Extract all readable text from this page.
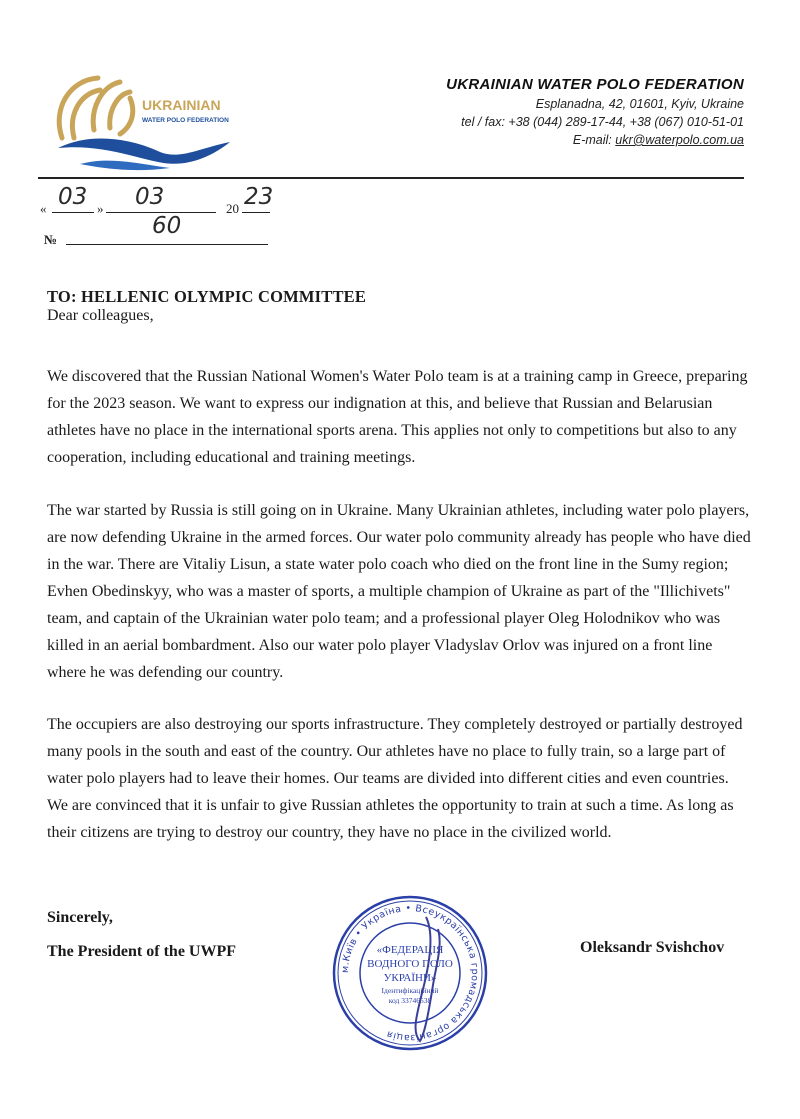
UKRAINIAN
WATER POLO FEDERATION
UKRAINIAN WATER POLO FEDERATION
Esplanadna, 42, 01601, Kyiv, Ukraine
tel / fax: +38 (044) 289-17-44, +38 (067) 010-51-01
E-mail: ukr@waterpolo.com.ua
« 03 » 03	20 23
№
60
TO: HELLENIC OLYMPIC COMMITTEE
Dear colleagues,

We discovered that the Russian National Women's Water Polo team is at a training camp in Greece, preparing for the 2023 season. We want to express our indignation at this, and believe that Russian and Belarusian athletes have no place in the international sports arena. This applies not only to competitions but also to any cooperation, including educational and training meetings.

The war started by Russia is still going on in Ukraine. Many Ukrainian athletes, including water polo players, are now defending Ukraine in the armed forces. Our water polo community already has people who have died in the war. There are Vitaliy Lisun, a state water polo coach who died on the front line in the Sumy region; Evhen Obedinskyy, who was a master of sports, a multiple champion of Ukraine as part of the "Illichivets" team, and captain of the Ukrainian water polo team; and a professional player Oleg Holodnikov who was killed in an aerial bombardment. Also our water polo player Vladyslav Orlov was injured on a front line where he was defending our country.

The occupiers are also destroying our sports infrastructure. They completely destroyed or partially destroyed many pools in the south and east of the country. Our athletes have no place to fully train, so a large part of water polo players had to leave their homes. Our teams are divided into different cities and even countries.

We are convinced that it is unfair to give Russian athletes the opportunity to train at such a time. As long as their citizens are trying to destroy our country, they have no place in the civilized world.

Sincerely,
The President of the UWPF	Oleksandr Svishchov
м.Київ • Україна • Всеукраїнська громадська організація
«ФЕДЕРАЦІЯ
ВОДНОГО ПОЛО
УКРАЇНИ»
Ідентифікаційний
код 33746538
